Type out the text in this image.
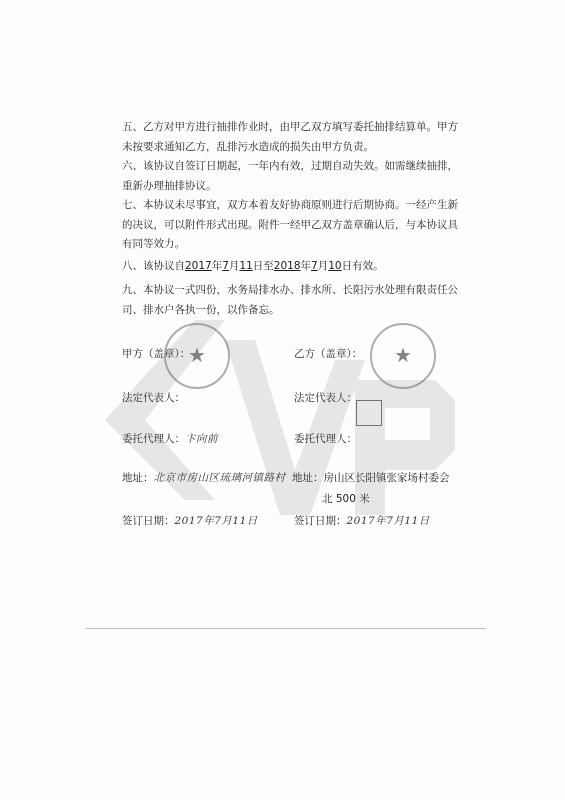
五、乙方对甲方进行抽排作业时，由甲乙双方填写委托抽排结算单。甲方
未按要求通知乙方，乱排污水造成的损失由甲方负责。
六、该协议自签订日期起，一年内有效，过期自动失效。如需继续抽排，
重新办理抽排协议。
七、本协议未尽事宜，双方本着友好协商原则进行后期协商。一经产生新
的决议，可以附件形式出现。附件一经甲乙双方盖章确认后，与本协议具
有同等效力。
八、该协议自2017年7月11日至2018年7月10日有效。
九、本协议一式四份，水务局排水办、排水所、长阳污水处理有限责任公
司、排水户各执一份，以作备忘。
★	★
甲方（盖章）：	乙方（盖章）：
法定代表人：	法定代表人：
委托代理人：卞向前	委托代理人：
地址：北京市房山区琉璃河镇路村 地址：房山区长阳镇张家场村委会
北 500 米
签订日期：2017年7月11日	签订日期：2017年7月11日
